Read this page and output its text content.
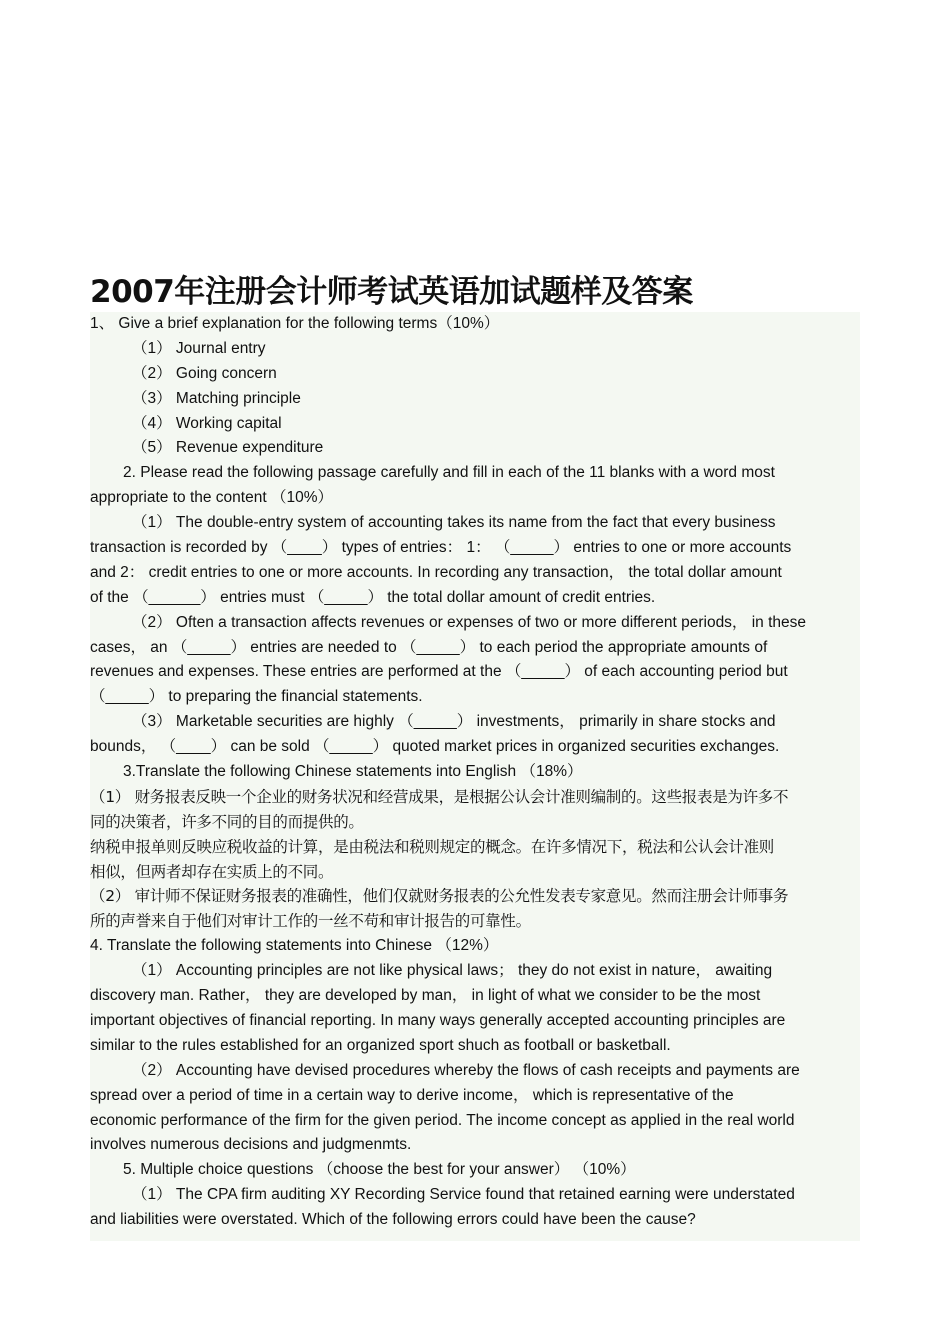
2007年注册会计师考试英语加试题样及答案
1、 Give a brief explanation for the following terms（10%）
（1） Journal entry
（2） Going concern
（3） Matching principle
（4） Working capital
（5） Revenue expenditure
2. Please read the following passage carefully and fill in each of the 11 blanks with a word most
appropriate to the content （10%）
（1） The double-entry system of accounting takes its name from the fact that every business
transaction is recorded by （____） types of entries： 1： （_____） entries to one or more accounts
and 2： credit entries to one or more accounts. In recording any transaction， the total dollar amount
of the （______） entries must （_____） the total dollar amount of credit entries.
（2） Often a transaction affects revenues or expenses of two or more different periods， in these
cases， an （_____） entries are needed to （_____） to each period the appropriate amounts of
revenues and expenses. These entries are performed at the （_____） of each accounting period but
（_____） to preparing the financial statements.
（3） Marketable securities are highly （_____） investments， primarily in share stocks and
bounds， （____） can be sold （_____） quoted market prices in organized securities exchanges.
3.Translate the following Chinese statements into English （18%）
（1） 财务报表反映一个企业的财务状况和经营成果，是根据公认会计准则编制的。这些报表是为许多不
同的决策者，许多不同的目的而提供的。
纳税申报单则反映应税收益的计算，是由税法和税则规定的概念。在许多情况下，税法和公认会计准则
相似，但两者却存在实质上的不同。
（2） 审计师不保证财务报表的准确性，他们仅就财务报表的公允性发表专家意见。然而注册会计师事务
所的声誉来自于他们对审计工作的一丝不苟和审计报告的可靠性。
4. Translate the following statements into Chinese （12%）
（1） Accounting principles are not like physical laws； they do not exist in nature， awaiting
discovery man. Rather， they are developed by man， in light of what we consider to be the most
important objectives of financial reporting. In many ways generally accepted accounting principles are
similar to the rules established for an organized sport shuch as football or basketball.
（2） Accounting have devised procedures whereby the flows of cash receipts and payments are
spread over a period of time in a certain way to derive income， which is representative of the
economic performance of the firm for the given period. The income concept as applied in the real world
involves numerous decisions and judgmenmts.
5. Multiple choice questions （choose the best for your answer） （10%）
（1） The CPA firm auditing XY Recording Service found that retained earning were understated
and liabilities were overstated. Which of the following errors could have been the cause?
